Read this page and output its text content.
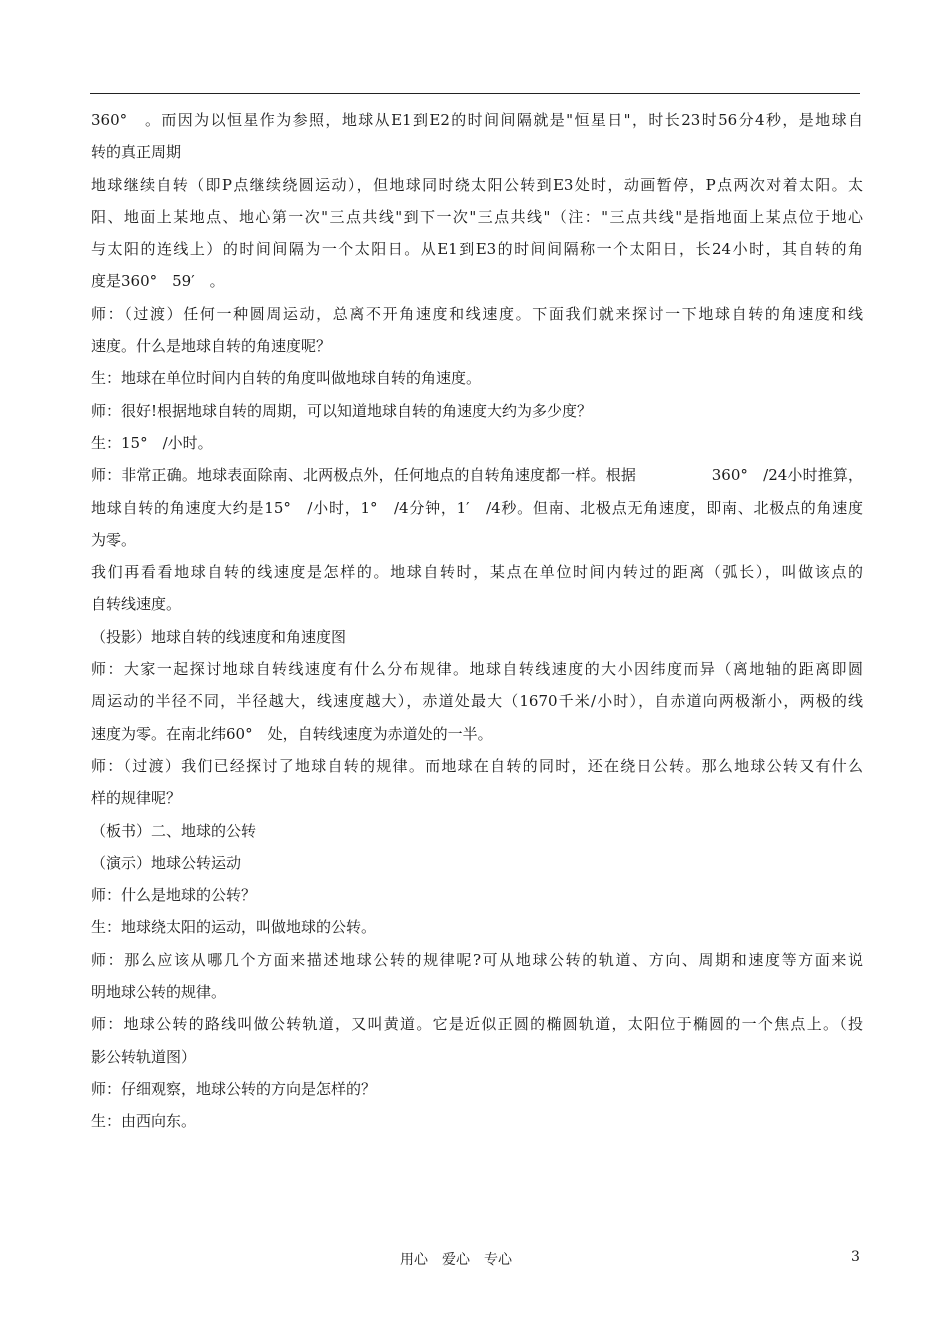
360°　。而因为以恒星作为参照，地球从E1到E2的时间间隔就是"恒星日"，时长23时56分4秒，是地球自
转的真正周期
地球继续自转（即P点继续绕圆运动），但地球同时绕太阳公转到E3处时，动画暂停，P点两次对着太阳。太
阳、地面上某地点、地心第一次"三点共线"到下一次"三点共线"（注："三点共线"是指地面上某点位于地心
与太阳的连线上）的时间间隔为一个太阳日。从E1到E3的时间间隔称一个太阳日，长24小时，其自转的角
度是360°　59′　。
师：（过渡）任何一种圆周运动，总离不开角速度和线速度。下面我们就来探讨一下地球自转的角速度和线
速度。什么是地球自转的角速度呢？
生：地球在单位时间内自转的角度叫做地球自转的角速度。
师：很好!根据地球自转的周期，可以知道地球自转的角速度大约为多少度？
生：15°　/小时。
师：非常正确。地球表面除南、北两极点外，任何地点的自转角速度都一样。根据　　　　　360°　/24小时推算，
地球自转的角速度大约是15°　/小时，1°　/4分钟，1′　/4秒。但南、北极点无角速度，即南、北极点的角速度
为零。
我们再看看地球自转的线速度是怎样的。地球自转时，某点在单位时间内转过的距离（弧长），叫做该点的
自转线速度。
（投影）地球自转的线速度和角速度图
师：大家一起探讨地球自转线速度有什么分布规律。地球自转线速度的大小因纬度而异（离地轴的距离即圆
周运动的半径不同，半径越大，线速度越大），赤道处最大（1670千米/小时），自赤道向两极渐小，两极的线
速度为零。在南北纬60°　处，自转线速度为赤道处的一半。
师：（过渡）我们已经探讨了地球自转的规律。而地球在自转的同时，还在绕日公转。那么地球公转又有什么
样的规律呢？
（板书）二、地球的公转
（演示）地球公转运动
师：什么是地球的公转？
生：地球绕太阳的运动，叫做地球的公转。
师：那么应该从哪几个方面来描述地球公转的规律呢?可从地球公转的轨道、方向、周期和速度等方面来说
明地球公转的规律。
师：地球公转的路线叫做公转轨道，又叫黄道。它是近似正圆的椭圆轨道，太阳位于椭圆的一个焦点上。（投
影公转轨道图）
师：仔细观察，地球公转的方向是怎样的？
生：由西向东。
用心　爱心　专心	3
